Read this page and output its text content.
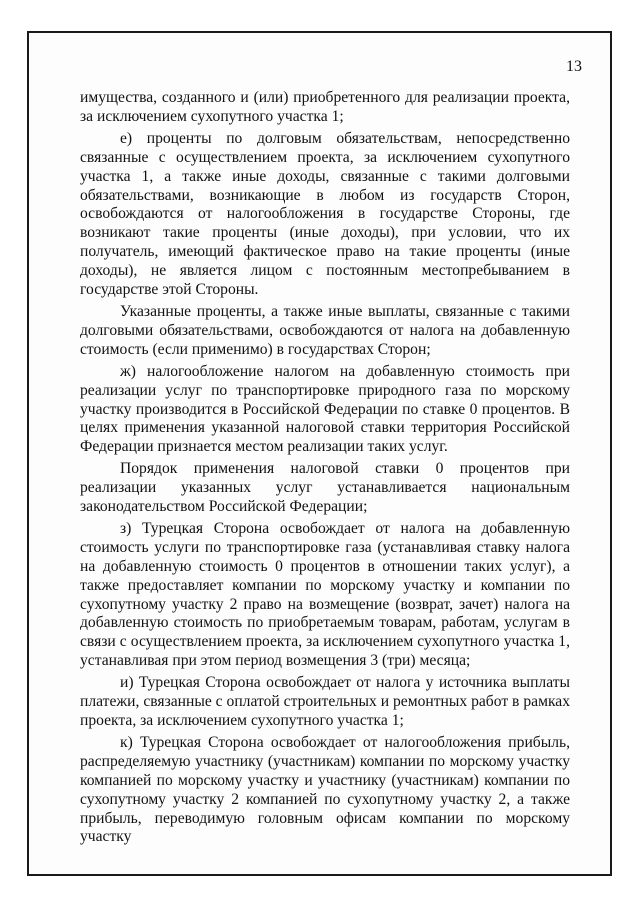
13

имущества, созданного и (или) приобретенного для реализации проекта, за исключением сухопутного участка 1;

е) проценты по долговым обязательствам, непосредственно связанные с осуществлением проекта, за исключением сухопутного участка 1, а также иные доходы, связанные с такими долговыми обязательствами, возникающие в любом из государств Сторон, освобождаются от налогообложения в государстве Стороны, где возникают такие проценты (иные доходы), при условии, что их получатель, имеющий фактическое право на такие проценты (иные доходы), не является лицом с постоянным местопребыванием в государстве этой Стороны.

Указанные проценты, а также иные выплаты, связанные с такими долговыми обязательствами, освобождаются от налога на добавленную стоимость (если применимо) в государствах Сторон;

ж) налогообложение налогом на добавленную стоимость при реализации услуг по транспортировке природного газа по морскому участку производится в Российской Федерации по ставке 0 процентов. В целях применения указанной налоговой ставки территория Российской Федерации признается местом реализации таких услуг.

Порядок применения налоговой ставки 0 процентов при реализации указанных услуг устанавливается национальным законодательством Российской Федерации;

з) Турецкая Сторона освобождает от налога на добавленную стоимость услуги по транспортировке газа (устанавливая ставку налога на добавленную стоимость 0 процентов в отношении таких услуг), а также предоставляет компании по морскому участку и компании по сухопутному участку 2 право на возмещение (возврат, зачет) налога на добавленную стоимость по приобретаемым товарам, работам, услугам в связи с осуществлением проекта, за исключением сухопутного участка 1, устанавливая при этом период возмещения 3 (три) месяца;

и) Турецкая Сторона освобождает от налога у источника выплаты платежи, связанные с оплатой строительных и ремонтных работ в рамках проекта, за исключением сухопутного участка 1;

к) Турецкая Сторона освобождает от налогообложения прибыль, распределяемую участнику (участникам) компании по морскому участку компанией по морскому участку и участнику (участникам) компании по сухопутному участку 2 компанией по сухопутному участку 2, а также прибыль, переводимую головным офисам компании по морскому участку
